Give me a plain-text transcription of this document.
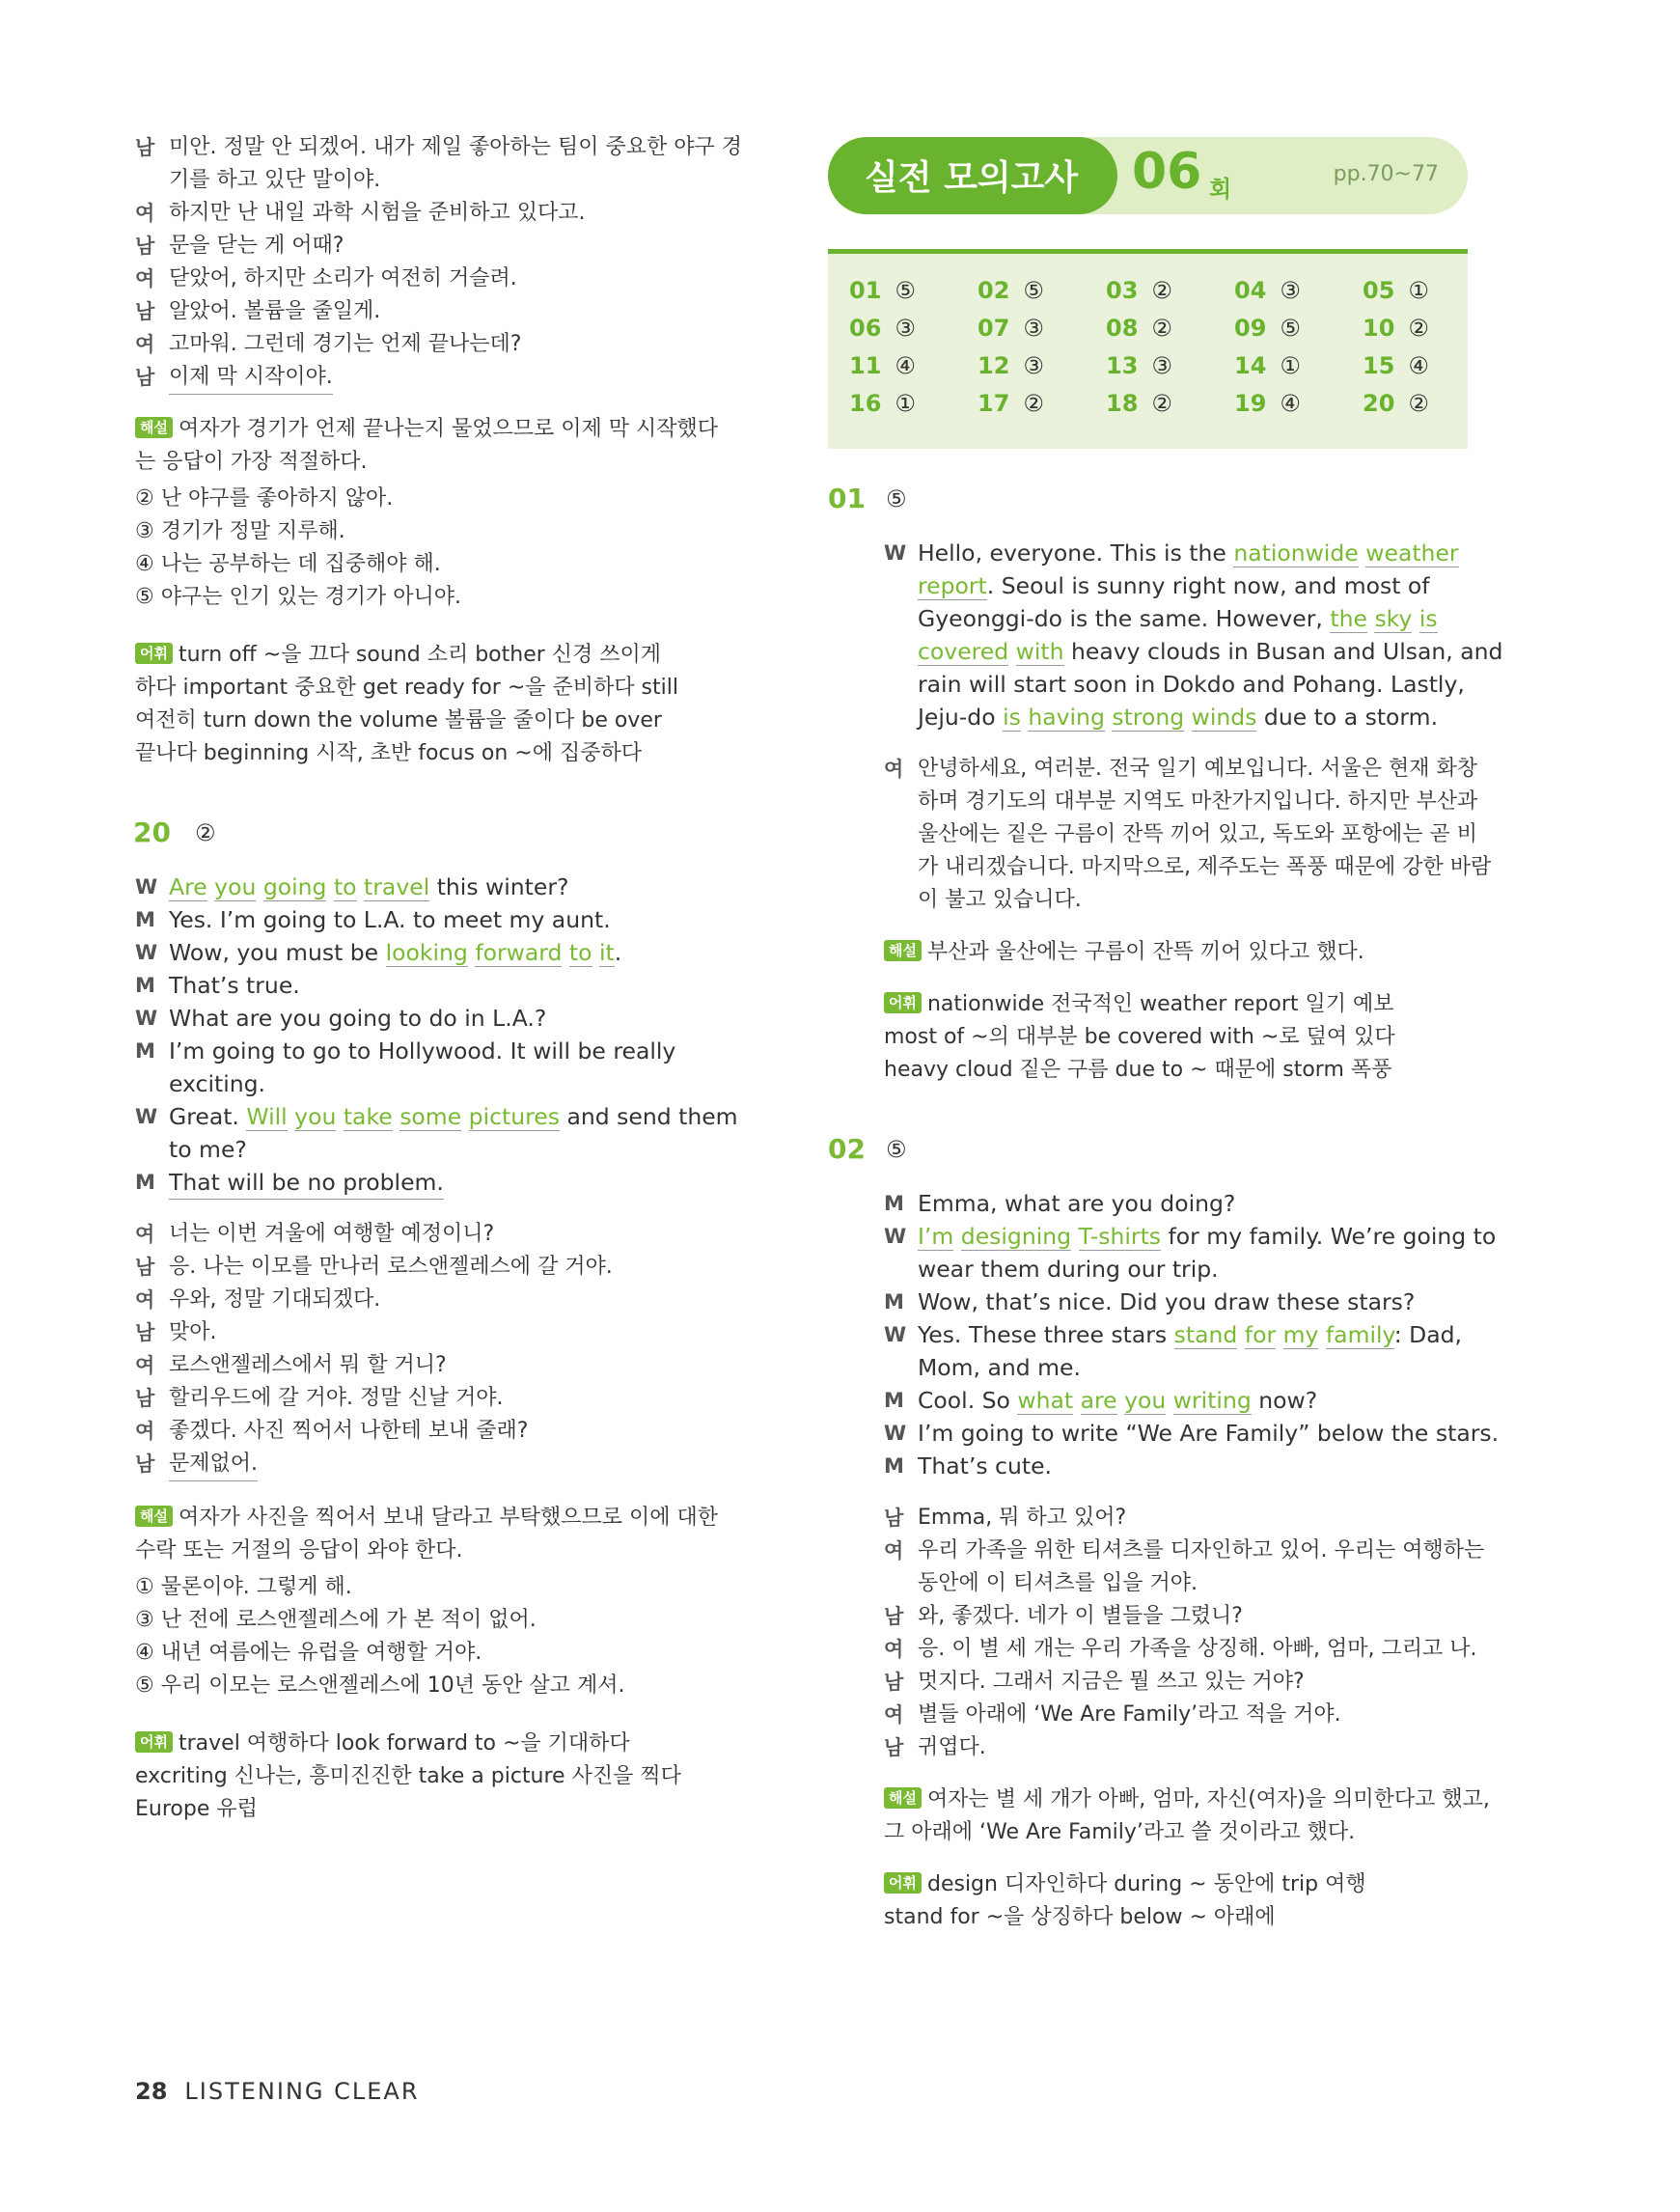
남 미안. 정말 안 되겠어. 내가 제일 좋아하는 팀이 중요한 야구 경
기를 하고 있단 말이야.
여 하지만 난 내일 과학 시험을 준비하고 있다고.
남 문을 닫는 게 어때?
여 닫았어, 하지만 소리가 여전히 거슬려.
남 알았어. 볼륨을 줄일게.
여 고마워. 그런데 경기는 언제 끝나는데?
남 이제 막 시작이야.
해설 여자가 경기가 언제 끝나는지 물었으므로 이제 막 시작했다
는 응답이 가장 적절하다.
② 난 야구를 좋아하지 않아.
③ 경기가 정말 지루해.
④ 나는 공부하는 데 집중해야 해.
⑤ 야구는 인기 있는 경기가 아니야.
어휘 turn off ~을 끄다 sound 소리 bother 신경 쓰이게
하다 important 중요한 get ready for ~을 준비하다 still
여전히 turn down the volume 볼륨을 줄이다 be over
끝나다 beginning 시작, 초반 focus on ~에 집중하다
20 ②
W Are you going to travel this winter?
M Yes. I’m going to L.A. to meet my aunt.
W Wow, you must be looking forward to it.
M That’s true.
W What are you going to do in L.A.?
M I’m going to go to Hollywood. It will be really
exciting.
W Great. Will you take some pictures and send them
to me?
M That will be no problem.
여 너는 이번 겨울에 여행할 예정이니?
남 응. 나는 이모를 만나러 로스앤젤레스에 갈 거야.
여 우와, 정말 기대되겠다.
남 맞아.
여 로스앤젤레스에서 뭐 할 거니?
남 할리우드에 갈 거야. 정말 신날 거야.
여 좋겠다. 사진 찍어서 나한테 보내 줄래?
남 문제없어.
해설 여자가 사진을 찍어서 보내 달라고 부탁했으므로 이에 대한
수락 또는 거절의 응답이 와야 한다.
① 물론이야. 그렇게 해.
③ 난 전에 로스앤젤레스에 가 본 적이 없어.
④ 내년 여름에는 유럽을 여행할 거야.
⑤ 우리 이모는 로스앤젤레스에 10년 동안 살고 계셔.
어휘 travel 여행하다 look forward to ~을 기대하다
excriting 신나는, 흥미진진한 take a picture 사진을 찍다
Europe 유럽
실전 모의고사 06 회
pp.70~77
01 ⑤	02 ⑤	03 ②	04 ③	05 ①
06 ③	07 ③	08 ②	09 ⑤	10 ②
11 ④	12 ③	13 ③	14 ①	15 ④
16 ①	17 ②	18 ②	19 ④	20 ②
01 ⑤
W Hello, everyone. This is the nationwide weather
report. Seoul is sunny right now, and most of
Gyeonggi-do is the same. However, the sky is
covered with heavy clouds in Busan and Ulsan, and
rain will start soon in Dokdo and Pohang. Lastly,
Jeju-do is having strong winds due to a storm.
여 안녕하세요, 여러분. 전국 일기 예보입니다. 서울은 현재 화창
하며 경기도의 대부분 지역도 마찬가지입니다. 하지만 부산과
울산에는 짙은 구름이 잔뜩 끼어 있고, 독도와 포항에는 곧 비
가 내리겠습니다. 마지막으로, 제주도는 폭풍 때문에 강한 바람
이 불고 있습니다.
해설 부산과 울산에는 구름이 잔뜩 끼어 있다고 했다.
어휘 nationwide 전국적인 weather report 일기 예보
most of ~의 대부분 be covered with ~로 덮여 있다
heavy cloud 짙은 구름 due to ~ 때문에 storm 폭풍
02 ⑤
M Emma, what are you doing?
W I’m designing T-shirts for my family. We’re going to
wear them during our trip.
M Wow, that’s nice. Did you draw these stars?
W Yes. These three stars stand for my family: Dad,
Mom, and me.
M Cool. So what are you writing now?
W I’m going to write “We Are Family” below the stars.
M That’s cute.
남 Emma, 뭐 하고 있어?
여 우리 가족을 위한 티셔츠를 디자인하고 있어. 우리는 여행하는
동안에 이 티셔츠를 입을 거야.
남 와, 좋겠다. 네가 이 별들을 그렸니?
여 응. 이 별 세 개는 우리 가족을 상징해. 아빠, 엄마, 그리고 나.
남 멋지다. 그래서 지금은 뭘 쓰고 있는 거야?
여 별들 아래에 ‘We Are Family’라고 적을 거야.
남 귀엽다.
해설 여자는 별 세 개가 아빠, 엄마, 자신(여자)을 의미한다고 했고,
그 아래에 ‘We Are Family’라고 쓸 것이라고 했다.
어휘 design 디자인하다 during ~ 동안에 trip 여행
stand for ~을 상징하다 below ~ 아래에
28 LISTENING CLEAR
